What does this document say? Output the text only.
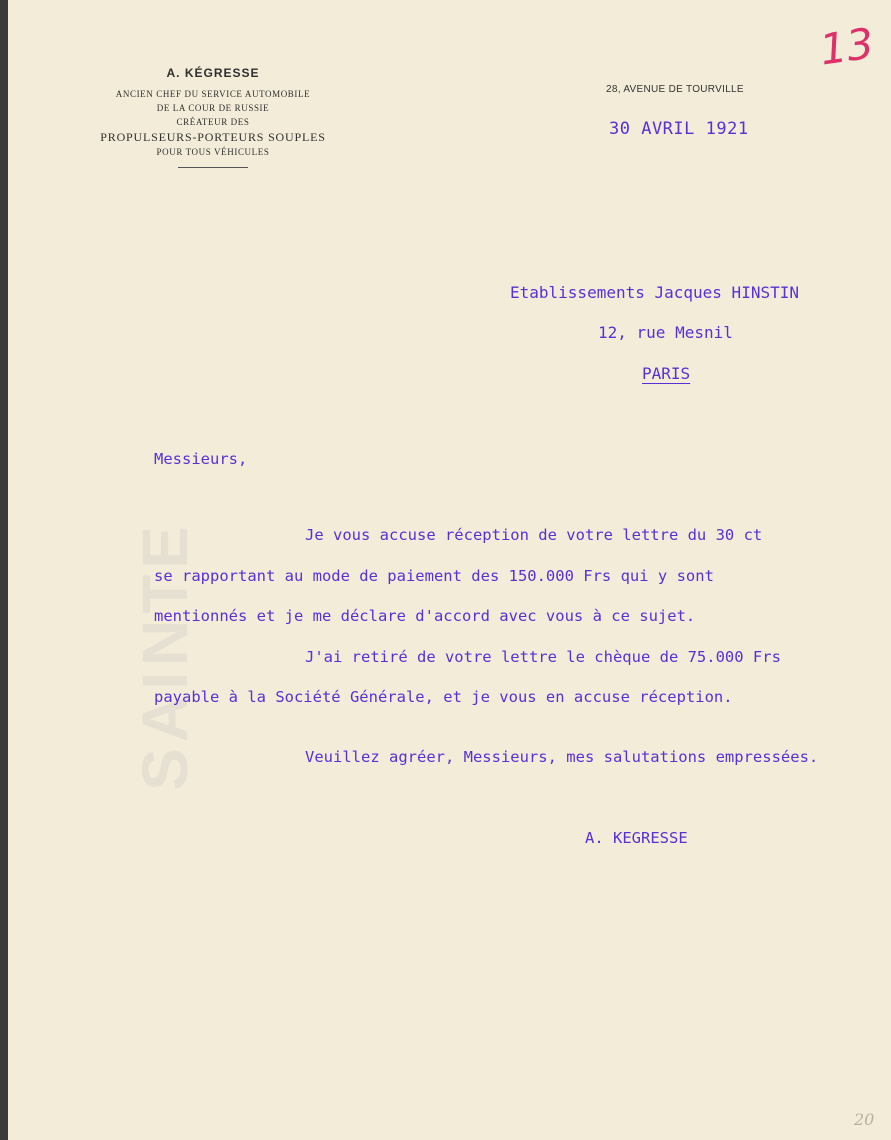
SAINTE
A. KÉGRESSE
ANCIEN CHEF DU SERVICE AUTOMOBILE
DE LA COUR DE RUSSIE
CRÉATEUR DES
PROPULSEURS-PORTEURS SOUPLES
POUR TOUS VÉHICULES
28, AVENUE DE TOURVILLE
30 AVRIL 1921
13
Etablissements Jacques HINSTIN
12, rue Mesnil
PARIS
Messieurs,
Je vous accuse réception de votre lettre du 30 ct
se rapportant au mode de paiement des 150.000 Frs qui y sont
mentionnés et je me déclare d'accord avec vous à ce sujet.
J'ai retiré de votre lettre le chèque de 75.000 Frs
payable à la Société Générale, et je vous en accuse réception.
Veuillez agréer, Messieurs, mes salutations empressées.
A. KEGRESSE
20
